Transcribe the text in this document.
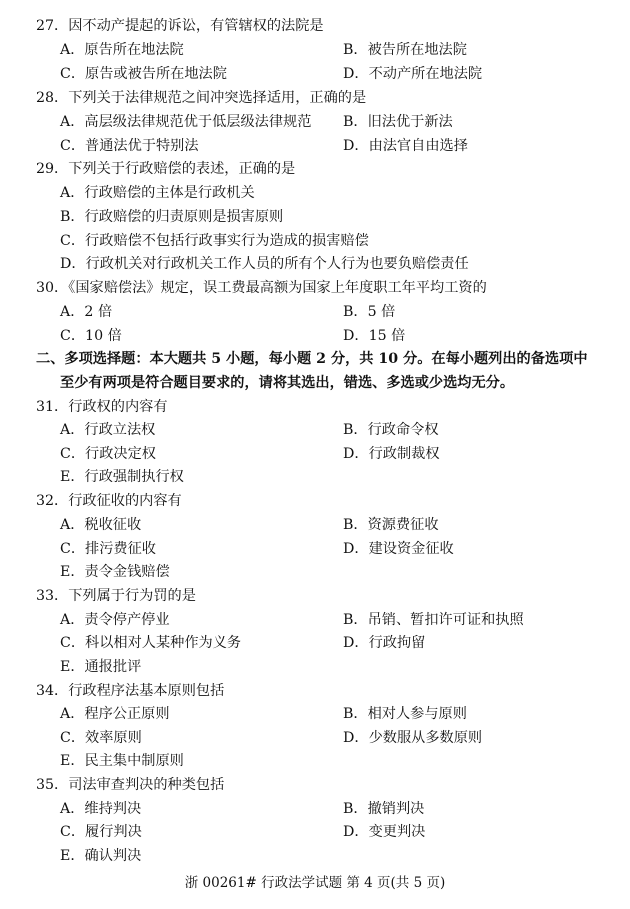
27．因不动产提起的诉讼，有管辖权的法院是
A．原告所在地法院	B．被告所在地法院
C．原告或被告所在地法院	D．不动产所在地法院
28．下列关于法律规范之间冲突选择适用，正确的是
A．高层级法律规范优于低层级法律规范 B．旧法优于新法
C．普通法优于特别法	D．由法官自由选择
29．下列关于行政赔偿的表述，正确的是
A．行政赔偿的主体是行政机关
B．行政赔偿的归责原则是损害原则
C．行政赔偿不包括行政事实行为造成的损害赔偿
D．行政机关对行政机关工作人员的所有个人行为也要负赔偿责任
30．《国家赔偿法》规定，误工费最高额为国家上年度职工年平均工资的
A．2 倍	B．5 倍
C．10 倍	D．15 倍
二、多项选择题：本大题共 5 小题，每小题 2 分，共 10 分。在每小题列出的备选项中
至少有两项是符合题目要求的，请将其选出，错选、多选或少选均无分。
31．行政权的内容有
A．行政立法权	B．行政命令权
C．行政决定权	D．行政制裁权
E．行政强制执行权
32．行政征收的内容有
A．税收征收	B．资源费征收
C．排污费征收	D．建设资金征收
E．责令金钱赔偿
33．下列属于行为罚的是
A．责令停产停业	B．吊销、暂扣许可证和执照
C．科以相对人某种作为义务	D．行政拘留
E．通报批评
34．行政程序法基本原则包括
A．程序公正原则	B．相对人参与原则
C．效率原则	D．少数服从多数原则
E．民主集中制原则
35．司法审查判决的种类包括
A．维持判决	B．撤销判决
C．履行判决	D．变更判决
E．确认判决
浙 00261# 行政法学试题 第 4 页(共 5 页)
